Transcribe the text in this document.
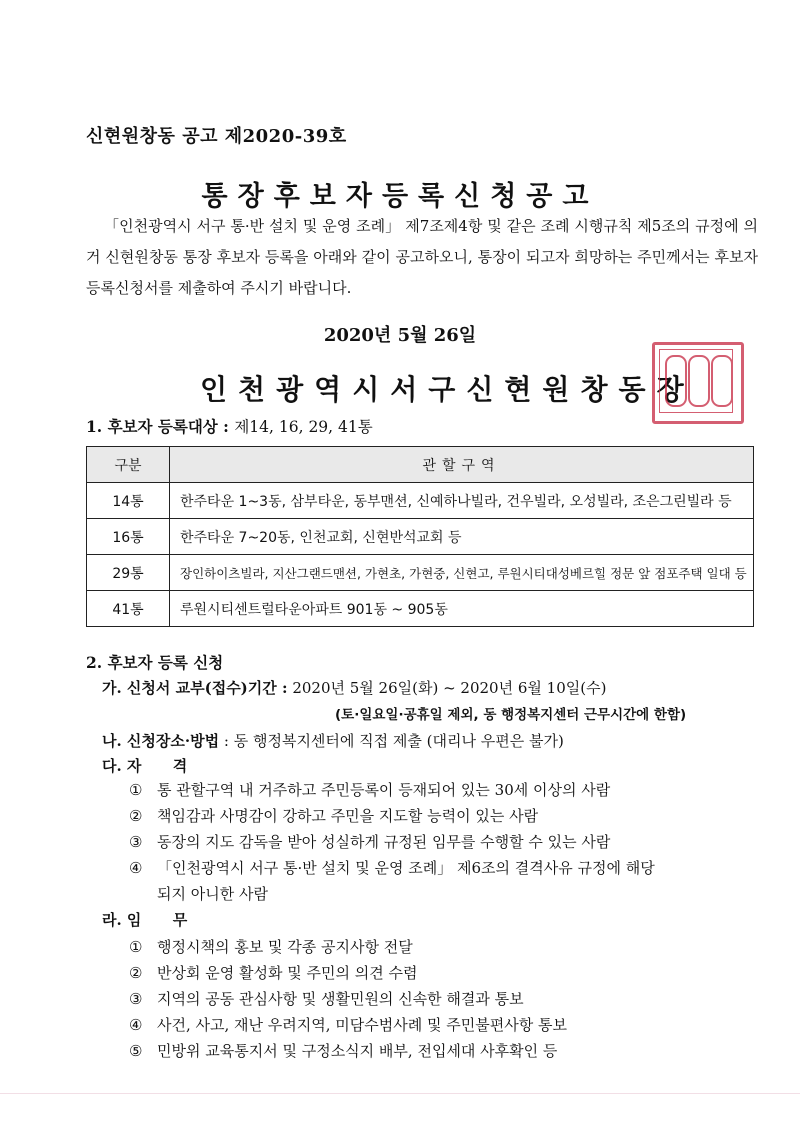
신현원창동 공고 제2020-39호
통장후보자등록신청공고
「인천광역시 서구 통·반 설치 및 운영 조례」 제7조제4항 및 같은 조례 시행규칙 제5조의 규정에 의거 신현원창동 통장 후보자 등록을 아래와 같이 공고하오니, 통장이 되고자 희망하는 주민께서는 후보자 등록신청서를 제출하여 주시기 바랍니다.
2020년 5월 26일
인천광역시서구신현원창동장
1. 후보자 등록대상 : 제14, 16, 29, 41통
구분	관할구역
14통	한주타운 1~3동, 삼부타운, 동부맨션, 신예하나빌라, 건우빌라, 오성빌라, 조은그린빌라 등
16통	한주타운 7~20동, 인천교회, 신현반석교회 등
29통	장인하이츠빌라, 지산그랜드맨션, 가현초, 가현중, 신현고, 루원시티대성베르힐 정문 앞 점포주택 일대 등
41통	루원시티센트럴타운아파트 901동 ~ 905동
2. 후보자 등록 신청
가. 신청서 교부(접수)기간 : 2020년 5월 26일(화) ~ 2020년 6월 10일(수)
(토·일요일·공휴일 제외, 동 행정복지센터 근무시간에 한함)
나. 신청장소·방법 : 동 행정복지센터에 직접 제출 (대리나 우편은 불가)
다. 자      격
① 통 관할구역 내 거주하고 주민등록이 등재되어 있는 30세 이상의 사람
② 책임감과 사명감이 강하고 주민을 지도할 능력이 있는 사람
③ 동장의 지도 감독을 받아 성실하게 규정된 임무를 수행할 수 있는 사람
④ 「인천광역시 서구 통·반 설치 및 운영 조례」 제6조의 결격사유 규정에 해당
되지 아니한 사람
라. 임      무
① 행정시책의 홍보 및 각종 공지사항 전달
② 반상회 운영 활성화 및 주민의 의견 수렴
③ 지역의 공동 관심사항 및 생활민원의 신속한 해결과 통보
④ 사건, 사고, 재난 우려지역, 미담수범사례 및 주민불편사항 통보
⑤ 민방위 교육통지서 및 구정소식지 배부, 전입세대 사후확인 등
